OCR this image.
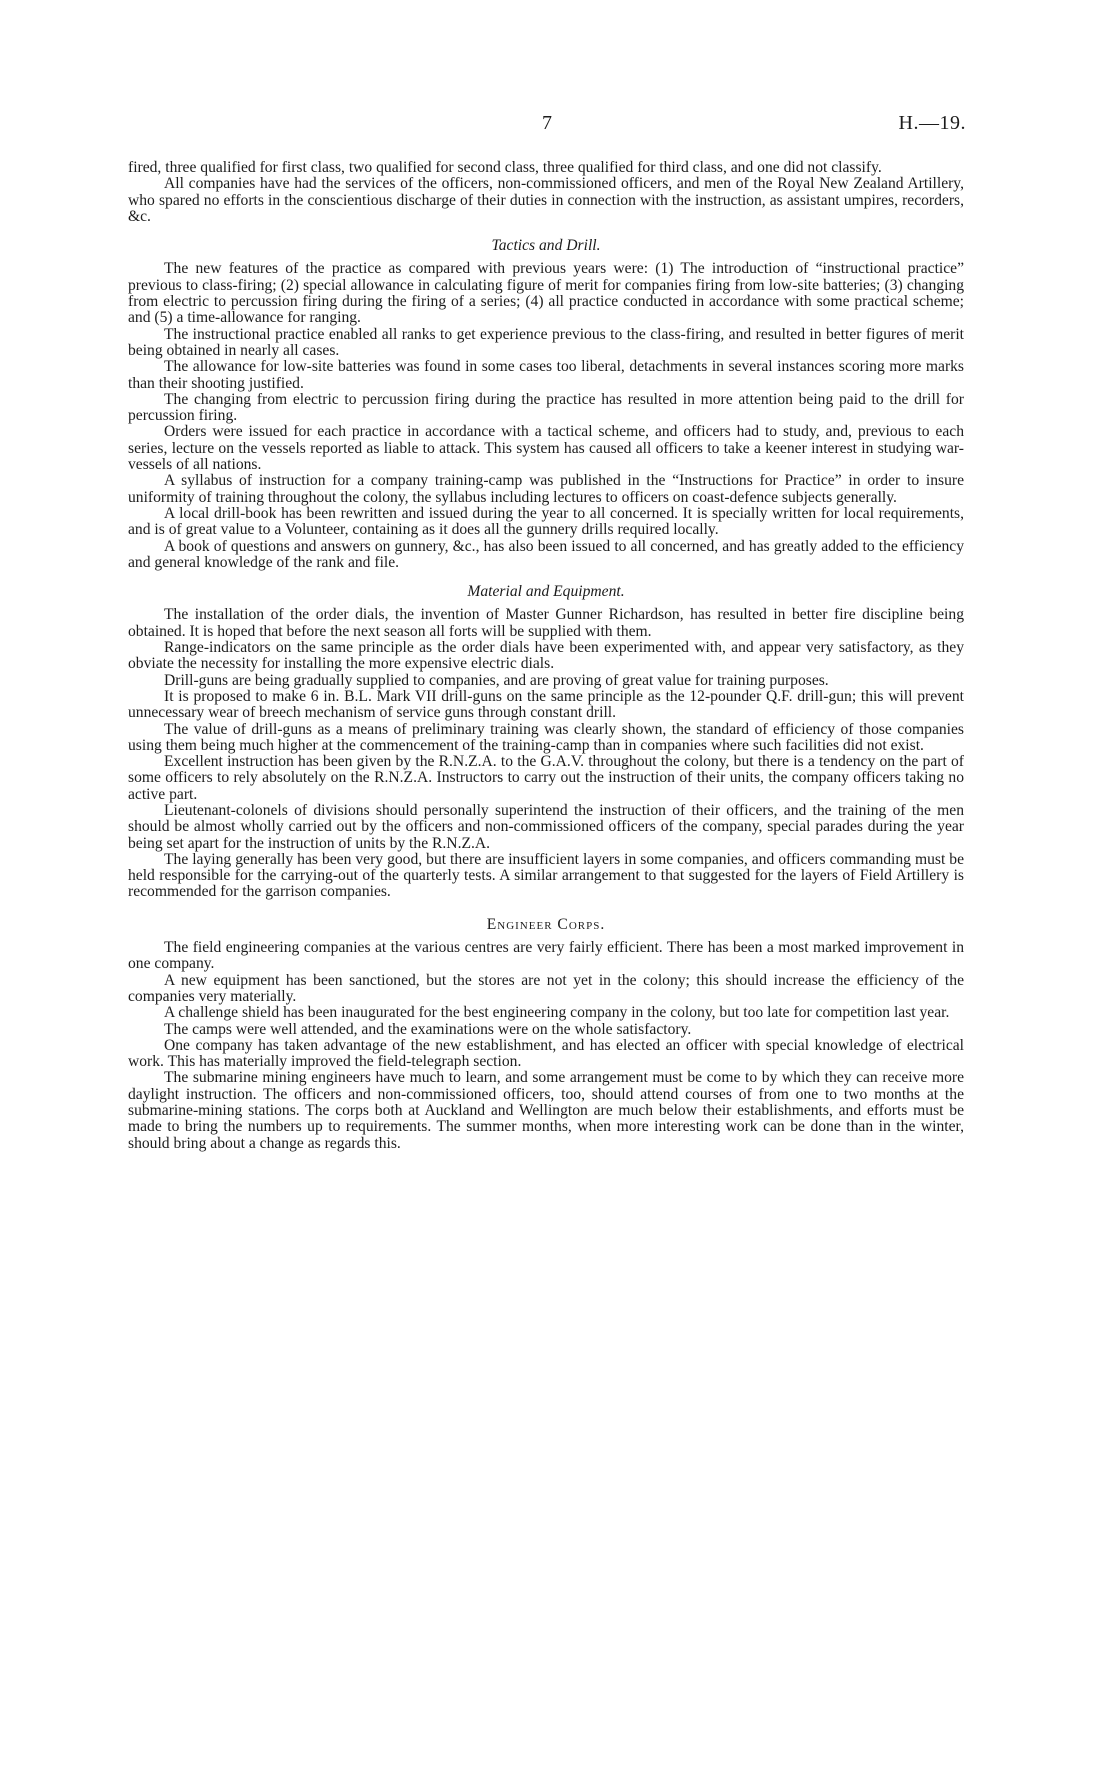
7	H.—19.

fired, three qualified for first class, two qualified for second class, three qualified for third class, and one did not classify.

All companies have had the services of the officers, non-commissioned officers, and men of the Royal New Zealand Artillery, who spared no efforts in the conscientious discharge of their duties in connection with the instruction, as assistant umpires, recorders, &c.

Tactics and Drill.

The new features of the practice as compared with previous years were: (1) The introduction of “instructional practice” previous to class-firing; (2) special allowance in calculating figure of merit for companies firing from low-site batteries; (3) changing from electric to percussion firing during the firing of a series; (4) all practice conducted in accordance with some practical scheme; and (5) a time-allowance for ranging.

The instructional practice enabled all ranks to get experience previous to the class-firing, and resulted in better figures of merit being obtained in nearly all cases.

The allowance for low-site batteries was found in some cases too liberal, detachments in several instances scoring more marks than their shooting justified.

The changing from electric to percussion firing during the practice has resulted in more attention being paid to the drill for percussion firing.

Orders were issued for each practice in accordance with a tactical scheme, and officers had to study, and, previous to each series, lecture on the vessels reported as liable to attack. This system has caused all officers to take a keener interest in studying war-vessels of all nations.

A syllabus of instruction for a company training-camp was published in the “Instructions for Practice” in order to insure uniformity of training throughout the colony, the syllabus including lectures to officers on coast-defence subjects generally.

A local drill-book has been rewritten and issued during the year to all concerned. It is specially written for local requirements, and is of great value to a Volunteer, containing as it does all the gunnery drills required locally.

A book of questions and answers on gunnery, &c., has also been issued to all concerned, and has greatly added to the efficiency and general knowledge of the rank and file.

Material and Equipment.

The installation of the order dials, the invention of Master Gunner Richardson, has resulted in better fire discipline being obtained. It is hoped that before the next season all forts will be supplied with them.

Range-indicators on the same principle as the order dials have been experimented with, and appear very satisfactory, as they obviate the necessity for installing the more expensive electric dials.

Drill-guns are being gradually supplied to companies, and are proving of great value for training purposes.

It is proposed to make 6 in. B.L. Mark VII drill-guns on the same principle as the 12-pounder Q.F. drill-gun; this will prevent unnecessary wear of breech mechanism of service guns through constant drill.

The value of drill-guns as a means of preliminary training was clearly shown, the standard of efficiency of those companies using them being much higher at the commencement of the training-camp than in companies where such facilities did not exist.

Excellent instruction has been given by the R.N.Z.A. to the G.A.V. throughout the colony, but there is a tendency on the part of some officers to rely absolutely on the R.N.Z.A. Instructors to carry out the instruction of their units, the company officers taking no active part.

Lieutenant-colonels of divisions should personally superintend the instruction of their officers, and the training of the men should be almost wholly carried out by the officers and non-commissioned officers of the company, special parades during the year being set apart for the instruction of units by the R.N.Z.A.

The laying generally has been very good, but there are insufficient layers in some companies, and officers commanding must be held responsible for the carrying-out of the quarterly tests. A similar arrangement to that suggested for the layers of Field Artillery is recommended for the garrison companies.

Engineer Corps.

The field engineering companies at the various centres are very fairly efficient. There has been a most marked improvement in one company.

A new equipment has been sanctioned, but the stores are not yet in the colony; this should increase the efficiency of the companies very materially.

A challenge shield has been inaugurated for the best engineering company in the colony, but too late for competition last year.

The camps were well attended, and the examinations were on the whole satisfactory.

One company has taken advantage of the new establishment, and has elected an officer with special knowledge of electrical work. This has materially improved the field-telegraph section.

The submarine mining engineers have much to learn, and some arrangement must be come to by which they can receive more daylight instruction. The officers and non-commissioned officers, too, should attend courses of from one to two months at the submarine-mining stations. The corps both at Auckland and Wellington are much below their establishments, and efforts must be made to bring the numbers up to requirements. The summer months, when more interesting work can be done than in the winter, should bring about a change as regards this.
